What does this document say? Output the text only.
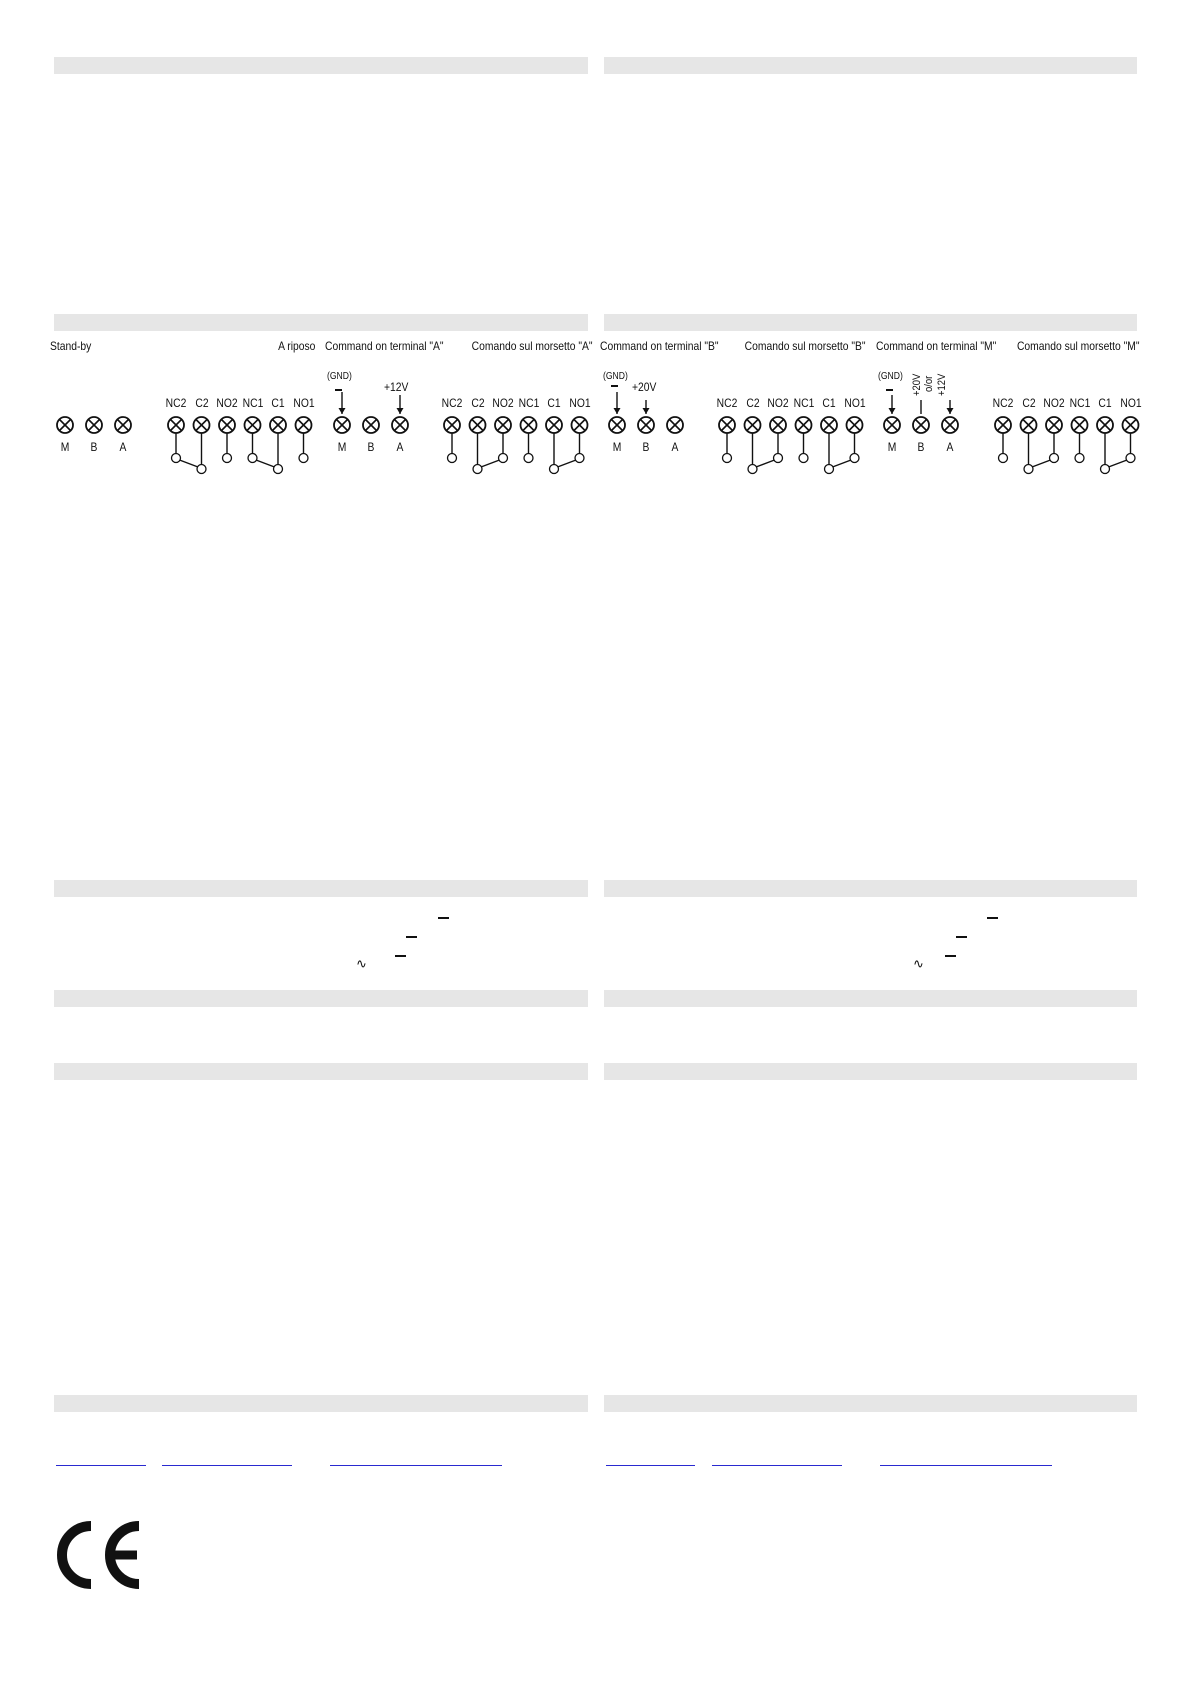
Stand-by	A riposo Command on terminal "A" Comando sul morsetto "A" Command on terminal "B" Comando sul morsetto "B" Command on terminal "M" Comando sul morsetto "M"
(GND)
+12V
(GND)
+20V
(GND) +20V o/or +12V
M	B	A
NC2 C2 NO2 NC1 C1 NO1
M	B	A
NC2 C2 NO2 NC1 C1 NO1
M	B	A
NC2 C2 NO2 NC1 C1 NO1
M	B	A
NC2 C2 NO2 NC1 C1 NO1
∿	∿
